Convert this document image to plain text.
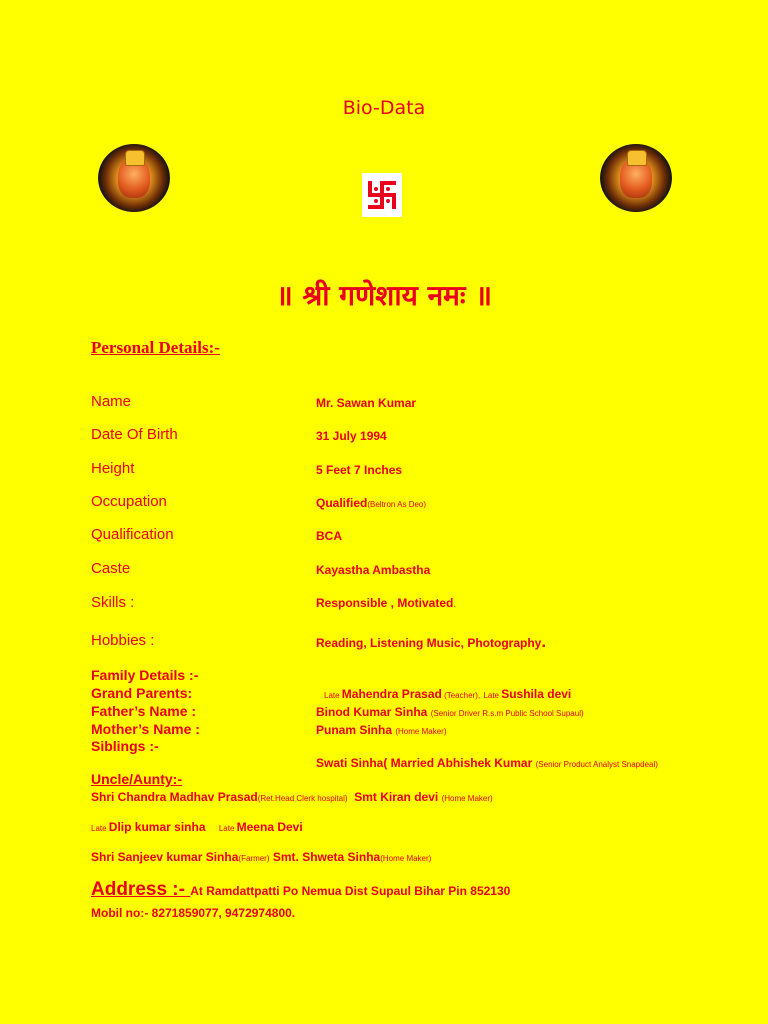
Bio-Data
॥ श्री गणेशाय नमः ॥
Personal Details:-
Name	Mr. Sawan Kumar
Date Of Birth	31 July 1994
Height	5 Feet 7 Inches
Occupation	Qualified(Beltron As Deo)
Qualification	BCA
Caste	Kayastha Ambastha
Skills :	Responsible , Motivated.
Hobbies :	Reading, Listening Music, Photography.
Family Details :-
Grand Parents:	Late Mahendra Prasad (Teacher), Late Sushila devi
Father’s Name :	Binod Kumar Sinha (Senior Driver R.s.m Public School Supaul)
Mother’s Name :	Punam Sinha (Home Maker)
Siblings :-
Swati Sinha( Married Abhishek Kumar (Senior Product Analyst Snapdeal)
Uncle/Aunty:-
Shri Chandra Madhav Prasad(Ret.Head Clerk hospital) Smt Kiran devi (Home Maker)
Late Dlip kumar sinha Late Meena Devi
Shri Sanjeev kumar Sinha(Farmer) Smt. Shweta Sinha(Home Maker)
Address :- At Ramdattpatti Po Nemua Dist Supaul Bihar Pin 852130
Mobil no:- 8271859077, 9472974800.
